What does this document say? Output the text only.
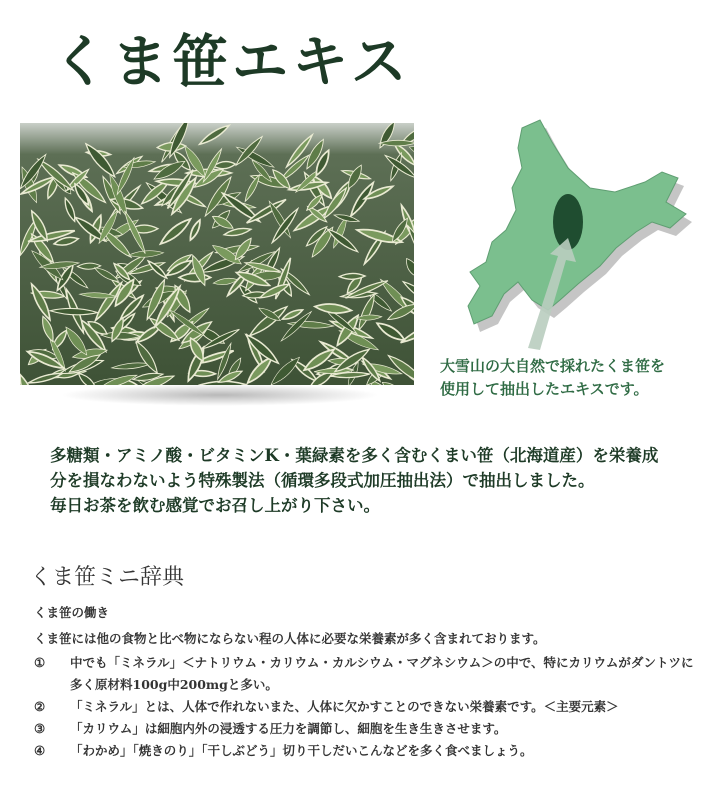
くま笹エキス
大雪山の大自然で採れたくま笹を
使用して抽出したエキスです。

多糖類・アミノ酸・ビタミンK・葉緑素を多く含むくまい笹（北海道産）を栄養成

分を損なわないよう特殊製法（循環多段式加圧抽出法）で抽出しました。

毎日お茶を飲む感覚でお召し上がり下さい。

くま笹ミニ辞典

くま笹の働き

くま笹には他の食物と比べ物にならない程の人体に必要な栄養素が多く含まれております。

①	中でも「ミネラル」＜ナトリウム・カリウム・カルシウム・マグネシウム＞の中で、特にカリウムがダントツに多く原材料100g中200mgと多い。
②	「ミネラル」とは、人体で作れないまた、人体に欠かすことのできない栄養素です。＜主要元素＞
③	「カリウム」は細胞内外の浸透する圧力を調節し、細胞を生き生きさせます。
④	「わかめ」「焼きのり」「干しぶどう」切り干しだいこんなどを多く食べましょう。
